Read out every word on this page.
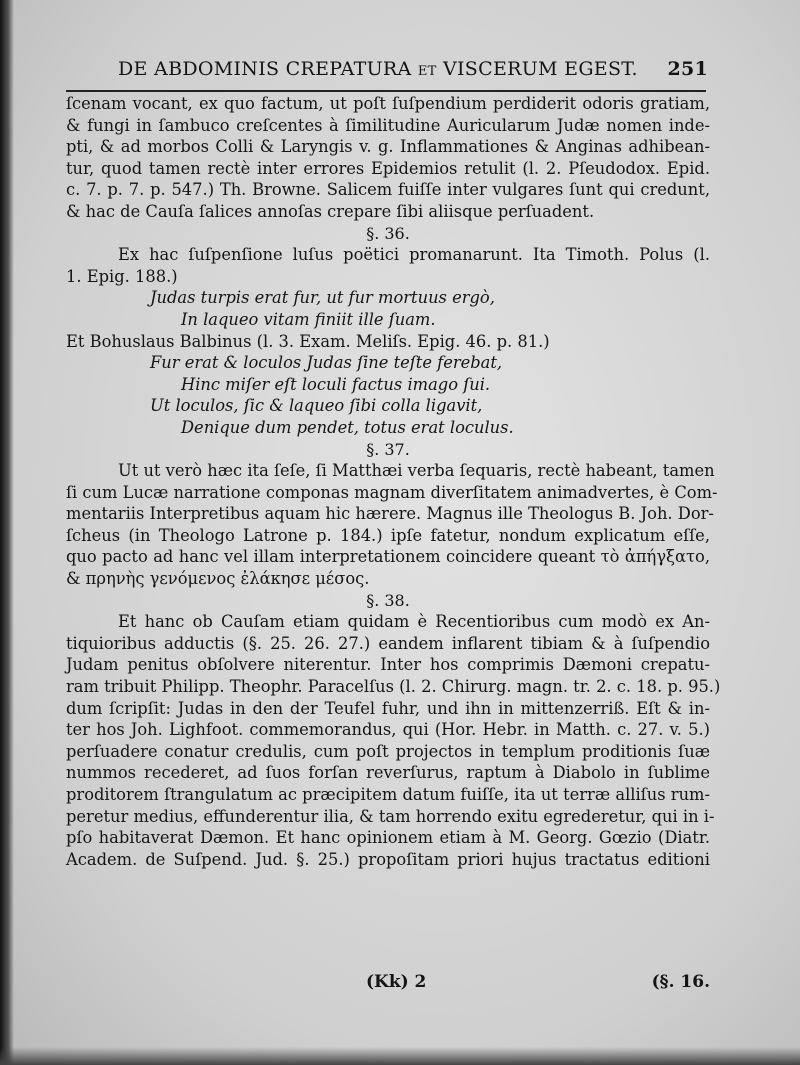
DE ABDOMINIS CREPATURA ET VISCERUM EGEST. 251
ſcenam vocant, ex quo factum, ut poſt ſuſpendium perdiderit odoris gratiam,
& fungi in ſambuco creſcentes à ſimilitudine Auricularum Judæ nomen inde-
pti, & ad morbos Colli & Laryngis v. g. Inflammationes & Anginas adhibean-
tur, quod tamen rectè inter errores Epidemios retulit (l. 2. Pſeudodox. Epid.
c. 7. p. 7. p. 547.) Th. Browne. Salicem fuiſſe inter vulgares ſunt qui credunt,
& hac de Cauſa ſalices annoſas crepare ſibi aliisque perſuadent.
§. 36.
Ex hac ſuſpenſione luſus poëtici promanarunt. Ita Timoth. Polus (l.
1. Epig. 188.)
Judas turpis erat fur, ut fur mortuus ergò,
In laqueo vitam finiit ille ſuam.
Et Bohuslaus Balbinus (l. 3. Exam. Meliſs. Epig. 46. p. 81.)
Fur erat & loculos Judas ſine teſte ferebat,
Hinc miſer eſt loculi factus imago ſui.
Ut loculos, ſic & laqueo ſibi colla ligavit,
Denique dum pendet, totus erat loculus.
§. 37.
Ut ut verò hæc ita ſeſe, ſi Matthæi verba ſequaris, rectè habeant, tamen
ſi cum Lucæ narratione componas magnam diverſitatem animadvertes, è Com-
mentariis Interpretibus aquam hic hærere. Magnus ille Theologus B. Joh. Dor-
ſcheus (in Theologo Latrone p. 184.) ipſe fatetur, nondum explicatum eſſe,
quo pacto ad hanc vel illam interpretationem coincidere queant τὸ ἀπήγξατο,
& πρηνὴς γενόμενος ἐλάκησε μέσος.
§. 38.
Et hanc ob Cauſam etiam quidam è Recentioribus cum modò ex An-
tiquioribus adductis (§. 25. 26. 27.) eandem inflarent tibiam & à ſuſpendio
Judam penitus obſolvere niterentur. Inter hos comprimis Dæmoni crepatu-
ram tribuit Philipp. Theophr. Paracelſus (l. 2. Chirurg. magn. tr. 2. c. 18. p. 95.)
dum ſcripſit: Judas in den der Teufel fuhr, und ihn in mittenzerriß. Eſt & in-
ter hos Joh. Lighfoot. commemorandus, qui (Hor. Hebr. in Matth. c. 27. v. 5.)
perſuadere conatur credulis, cum poſt projectos in templum proditionis ſuæ
nummos recederet, ad ſuos forſan reverſurus, raptum à Diabolo in ſublime
proditorem ſtrangulatum ac præcipitem datum fuiſſe, ita ut terræ alliſus rum-
peretur medius, effunderentur ilia, & tam horrendo exitu egrederetur, qui in i-
pſo habitaverat Dæmon. Et hanc opinionem etiam à M. Georg. Gœzio (Diatr.
Academ. de Suſpend. Jud. §. 25.) propoſitam priori hujus tractatus editioni
(Kk) 2	(§. 16.
